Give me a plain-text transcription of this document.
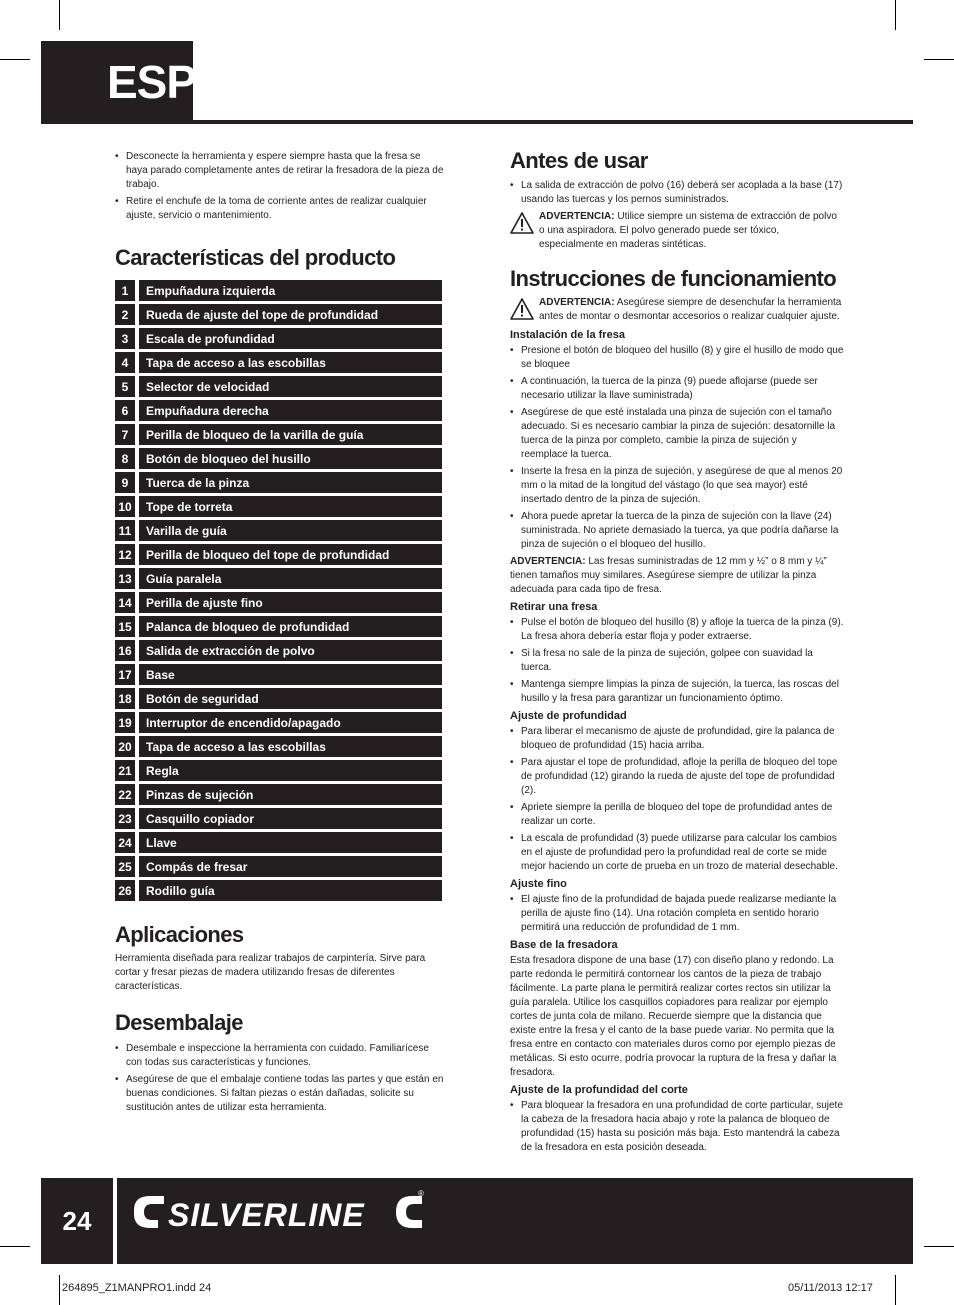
ESP
• Desconecte la herramienta y espere siempre hasta que la fresa se haya parado completamente antes de retirar la fresadora de la pieza de trabajo.
• Retire el enchufe de la toma de corriente antes de realizar cualquier ajuste, servicio o mantenimiento.
Características del producto
1	Empuñadura izquierda
2	Rueda de ajuste del tope de profundidad
3	Escala de profundidad
4	Tapa de acceso a las escobillas
5	Selector de velocidad
6	Empuñadura derecha
7	Perilla de bloqueo de la varilla de guía
8	Botón de bloqueo del husillo
9	Tuerca de la pinza
10	Tope de torreta
11	Varilla de guía
12	Perilla de bloqueo del tope de profundidad
13	Guía paralela
14	Perilla de ajuste fino
15	Palanca de bloqueo de profundidad
16	Salida de extracción de polvo
17	Base
18	Botón de seguridad
19	Interruptor de encendido/apagado
20	Tapa de acceso a las escobillas
21	Regla
22	Pinzas de sujeción
23	Casquillo copiador
24	Llave
25	Compás de fresar
26	Rodillo guía
Aplicaciones

Herramienta diseñada para realizar trabajos de carpintería. Sirve para cortar y fresar piezas de madera utilizando fresas de diferentes características.

Desembalaje
• Desembale e inspeccione la herramienta con cuidado. Familiarícese con todas sus características y funciones.
• Asegúrese de que el embalaje contiene todas las partes y que están en buenas condiciones. Si faltan piezas o están dañadas, solicite su sustitución antes de utilizar esta herramienta.
Antes de usar
• La salida de extracción de polvo (16) deberá ser acoplada a la base (17) usando las tuercas y los pernos suministrados.
ADVERTENCIA: Utilice siempre un sistema de extracción de polvo o una aspiradora. El polvo generado puede ser tóxico, especialmente en maderas sintéticas.
Instrucciones de funcionamiento
ADVERTENCIA: Asegúrese siempre de desenchufar la herramienta antes de montar o desmontar accesorios o realizar cualquier ajuste.
Instalación de la fresa
• Presione el botón de bloqueo del husillo (8) y gire el husillo de modo que se bloquee
• A continuación, la tuerca de la pinza (9) puede aflojarse (puede ser necesario utilizar la llave suministrada)
• Asegúrese de que esté instalada una pinza de sujeción con el tamaño adecuado. Si es necesario cambiar la pinza de sujeción: desatornille la tuerca de la pinza por completo, cambie la pinza de sujeción y reemplace la tuerca.
• Inserte la fresa en la pinza de sujeción, y asegúrese de que al menos 20 mm o la mitad de la longitud del vástago (lo que sea mayor) esté insertado dentro de la pinza de sujeción.
• Ahora puede apretar la tuerca de la pinza de sujeción con la llave (24) suministrada. No apriete demasiado la tuerca, ya que podría dañarse la pinza de sujeción o el bloqueo del husillo.

ADVERTENCIA: Las fresas suministradas de 12 mm y ½” o 8 mm y ¼” tienen tamaños muy similares. Asegúrese siempre de utilizar la pinza adecuada para cada tipo de fresa.

Retirar una fresa
• Pulse el botón de bloqueo del husillo (8) y afloje la tuerca de la pinza (9). La fresa ahora debería estar floja y poder extraerse.
• Si la fresa no sale de la pinza de sujeción, golpee con suavidad la tuerca.
• Mantenga siempre limpias la pinza de sujeción, la tuerca, las roscas del husillo y la fresa para garantizar un funcionamiento óptimo.
Ajuste de profundidad
• Para liberar el mecanismo de ajuste de profundidad, gire la palanca de bloqueo de profundidad (15) hacia arriba.
• Para ajustar el tope de profundidad, afloje la perilla de bloqueo del tope de profundidad (12) girando la rueda de ajuste del tope de profundidad (2).
• Apriete siempre la perilla de bloqueo del tope de profundidad antes de realizar un corte.
• La escala de profundidad (3) puede utilizarse para calcular los cambios en el ajuste de profundidad pero la profundidad real de corte se mide mejor haciendo un corte de prueba en un trozo de material desechable.
Ajuste fino
• El ajuste fino de la profundidad de bajada puede realizarse mediante la perilla de ajuste fino (14). Una rotación completa en sentido horario permitirá una reducción de profundidad de 1 mm.
Base de la fresadora

Esta fresadora dispone de una base (17) con diseño plano y redondo. La parte redonda le permitirá contornear los cantos de la pieza de trabajo fácilmente. La parte plana le permitirá realizar cortes rectos sin utilizar la guía paralela. Utilice los casquillos copiadores para realizar por ejemplo cortes de junta cola de milano. Recuerde siempre que la distancia que existe entre la fresa y el canto de la base puede variar. No permita que la fresa entre en contacto con materiales duros como por ejemplo piezas de metálicas. Si esto ocurre, podría provocar la ruptura de la fresa y dañar la fresadora.

Ajuste de la profundidad del corte
• Para bloquear la fresadora en una profundidad de corte particular, sujete la cabeza de la fresadora hacia abajo y rote la palanca de bloqueo de profundidad (15) hasta su posición más baja. Esto mantendrá la cabeza de la fresadora en esta posición deseada.
24	SILVERLINE
®
264895_Z1MANPRO1.indd 24	05/11/2013 12:17
